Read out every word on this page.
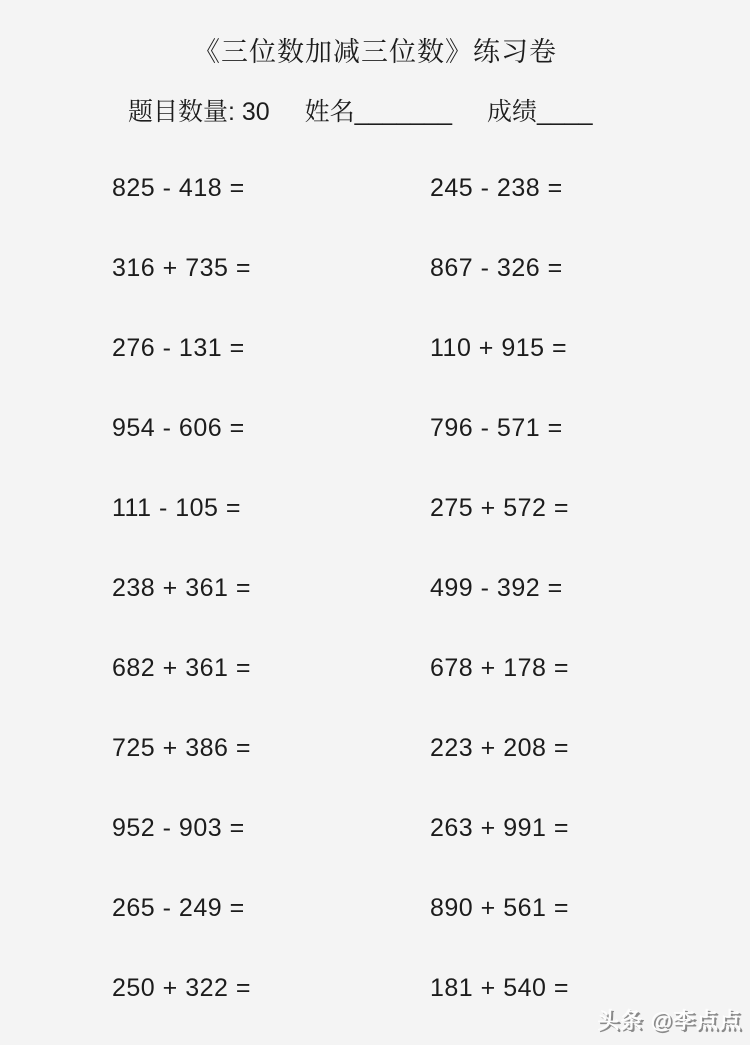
《三位数加减三位数》练习卷
题目数量: 30 姓名_______ 成绩____
825 - 418 =	245 - 238 =
316 + 735 =	867 - 326 =
276 - 131 =	110 + 915 =
954 - 606 =	796 - 571 =
111 - 105 =	275 + 572 =
238 + 361 =	499 - 392 =
682 + 361 =	678 + 178 =
725 + 386 =	223 + 208 =
952 - 903 =	263 + 991 =
265 - 249 =	890 + 561 =
250 + 322 =	181 + 540 =
头条 @李点点
